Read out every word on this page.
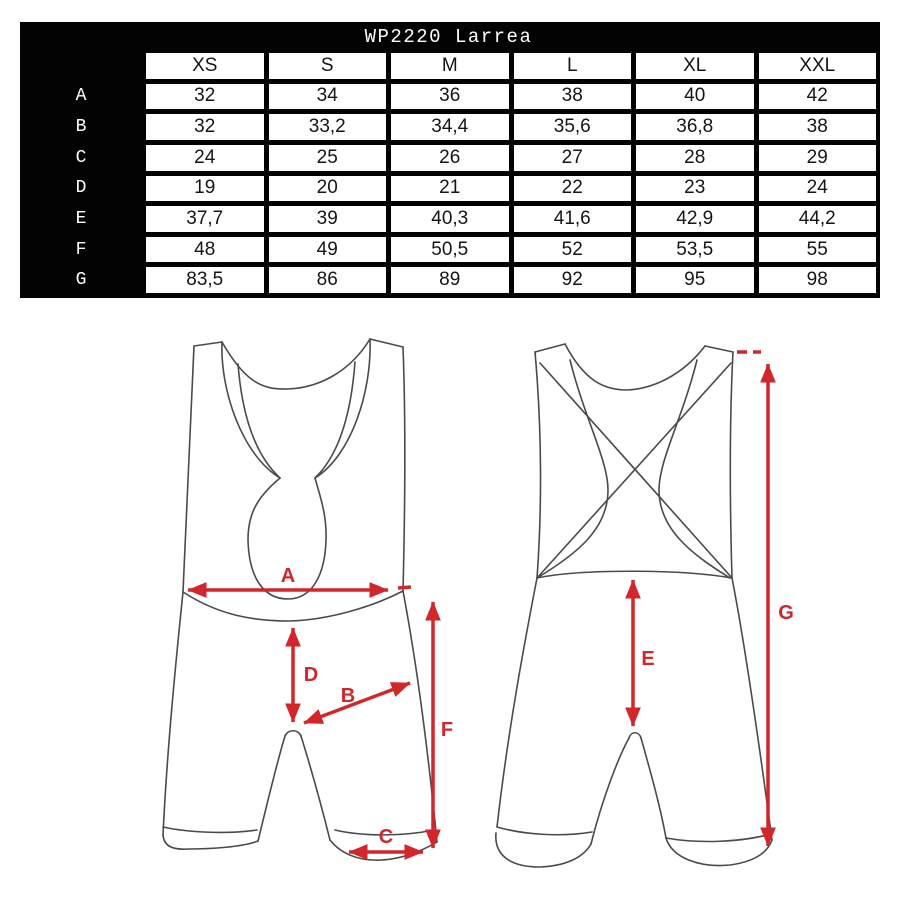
WP2220 Larrea
XS	S	M	L	XL	XXL
A	32	34	36	38	40	42
B	32	33,2	34,4	35,6	36,8	38
C	24	25	26	27	28	29
D	19	20	21	22	23	24
E	37,7	39	40,3	41,6	42,9	44,2
F	48	49	50,5	52	53,5	55
G	83,5	86	89	92	95	98
A
D
B
F
C
E
G
